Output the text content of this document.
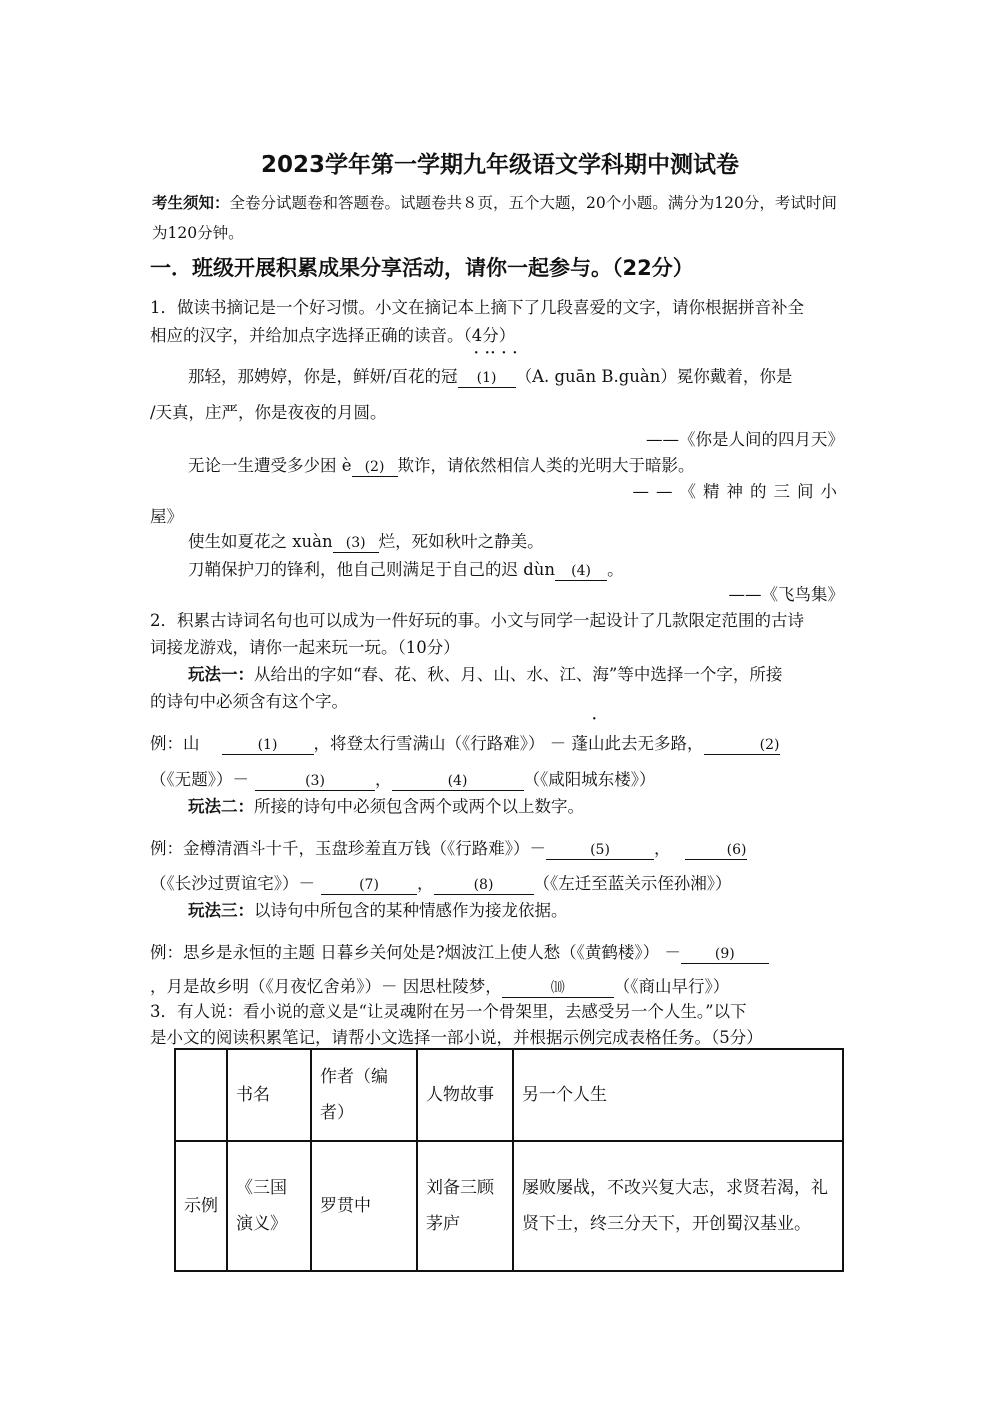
2023学年第一学期九年级语文学科期中测试卷
考生须知：全卷分试题卷和答题卷。试题卷共８页，五个大题，20个小题。满分为120分，考试时间为120分钟。
一．班级开展积累成果分享活动，请你一起参与。（22分）
1．做读书摘记是一个好习惯。小文在摘记本上摘下了几段喜爱的文字，请你根据拼音补全
相应的汉字，并给加点字选择正确的读音。（4分）
· ·· · ·
那轻，那娉婷，你是，鲜妍/百花的冠 (1) （A. guān B.guàn）冕你戴着，你是
/天真，庄严，你是夜夜的月圆。
——《你是人间的四月天》
无论一生遭受多少困 è (2) 欺诈，请依然相信人类的光明大于暗影。
——《精神的三间小
屋》
使生如夏花之 xuàn (3) 烂，死如秋叶之静美。
刀鞘保护刀的锋利，他自己则满足于自己的迟 dùn (4) 。
——《飞鸟集》
2．积累古诗词名句也可以成为一件好玩的事。小文与同学一起设计了几款限定范围的古诗
词接龙游戏，请你一起来玩一玩。（10分）
玩法一：从给出的字如“春、花、秋、月、山、水、江、海”等中选择一个字，所接
的诗句中必须含有这个字。
·
例：山	(1) ，将登太行雪满山（《行路难》） － 蓬山此去无多路，	(2)
（《无题》）－	(3)	，	(4)	（《咸阳城东楼》）
玩法二：所接的诗句中必须包含两个或两个以上数字。
例：金樽清酒斗十千，玉盘珍羞直万钱（《行路难》）－	(5)	，	(6)
（《长沙过贾谊宅》）－	(7) ，	(8) （《左迁至蓝关示侄孙湘》）
玩法三：以诗句中所包含的某种情感作为接龙依据。
例：思乡是永恒的主题 日暮乡关何处是?烟波江上使人愁（《黄鹤楼》） － (9)
，月是故乡明（《月夜忆舍弟》）－ 因思杜陵梦，	⑽	（《商山早行》）
3．有人说：看小说的意义是“让灵魂附在另一个骨架里，去感受另一个人生。”以下
是小文的阅读积累笔记，请帮小文选择一部小说，并根据示例完成表格任务。（5分）
	书名	作者（编者）	人物故事	另一个人生
示例	《三国演义》	罗贯中	刘备三顾茅庐	屡败屡战，不改兴复大志，求贤若渴，礼贤下士，终三分天下，开创蜀汉基业。
